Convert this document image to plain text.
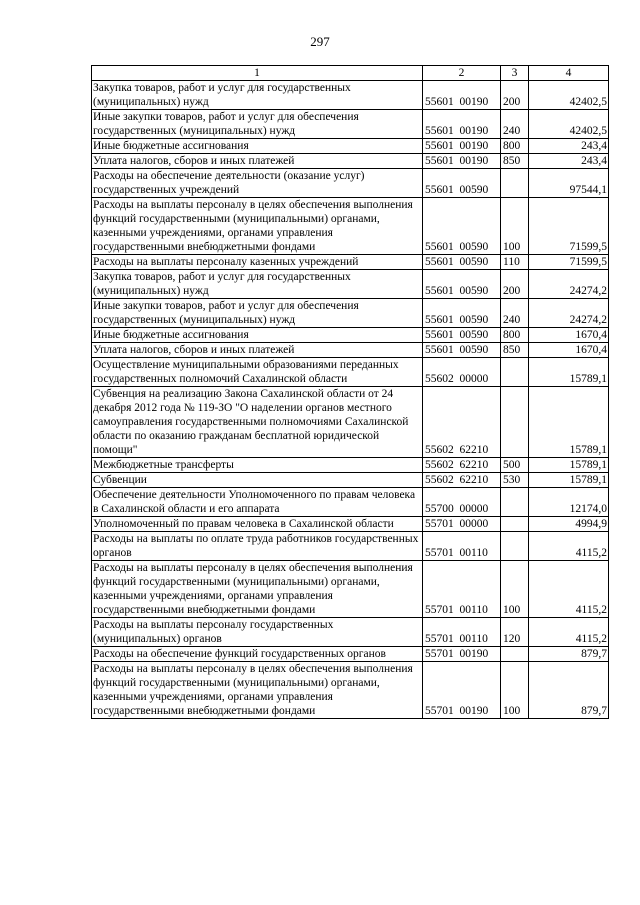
297
1	2	3	4
Закупка товаров, работ и услуг для государственных (муниципальных) нужд	55601  00190	200	42402,5
Иные закупки товаров, работ и услуг для обеспечения государственных (муниципальных) нужд	55601  00190	240	42402,5
Иные бюджетные ассигнования	55601  00190	800	243,4
Уплата налогов, сборов и иных платежей	55601  00190	850	243,4
Расходы на обеспечение деятельности (оказание услуг) государственных учреждений	55601  00590		97544,1
Расходы на выплаты персоналу в целях обеспечения выполнения функций государственными (муниципальными) органами, казенными учреждениями, органами управления государственными внебюджетными фондами	55601  00590	100	71599,5
Расходы на выплаты персоналу казенных учреждений	55601  00590	110	71599,5
Закупка товаров, работ и услуг для государственных (муниципальных) нужд	55601  00590	200	24274,2
Иные закупки товаров, работ и услуг для обеспечения государственных (муниципальных) нужд	55601  00590	240	24274,2
Иные бюджетные ассигнования	55601  00590	800	1670,4
Уплата налогов, сборов и иных платежей	55601  00590	850	1670,4
Осуществление муниципальными образованиями переданных государственных полномочий Сахалинской области	55602  00000		15789,1
Субвенция на реализацию Закона Сахалинской области от 24 декабря 2012 года № 119-ЗО "О наделении органов местного самоуправления государственными полномочиями Сахалинской области по оказанию гражданам бесплатной юридической помощи"	55602  62210		15789,1
Межбюджетные трансферты	55602  62210	500	15789,1
Субвенции	55602  62210	530	15789,1
Обеспечение деятельности Уполномоченного по правам человека в Сахалинской области и его аппарата	55700  00000		12174,0
Уполномоченный по правам человека в Сахалинской области	55701  00000		4994,9
Расходы на выплаты по оплате труда работников государственных органов	55701  00110		4115,2
Расходы на выплаты персоналу в целях обеспечения выполнения функций государственными (муниципальными) органами, казенными учреждениями, органами управления государственными внебюджетными фондами	55701  00110	100	4115,2
Расходы на выплаты персоналу государственных (муниципальных) органов	55701  00110	120	4115,2
Расходы на обеспечение функций государственных органов	55701  00190		879,7
Расходы на выплаты персоналу в целях обеспечения выполнения функций государственными (муниципальными) органами, казенными учреждениями, органами управления государственными внебюджетными фондами	55701  00190	100	879,7
